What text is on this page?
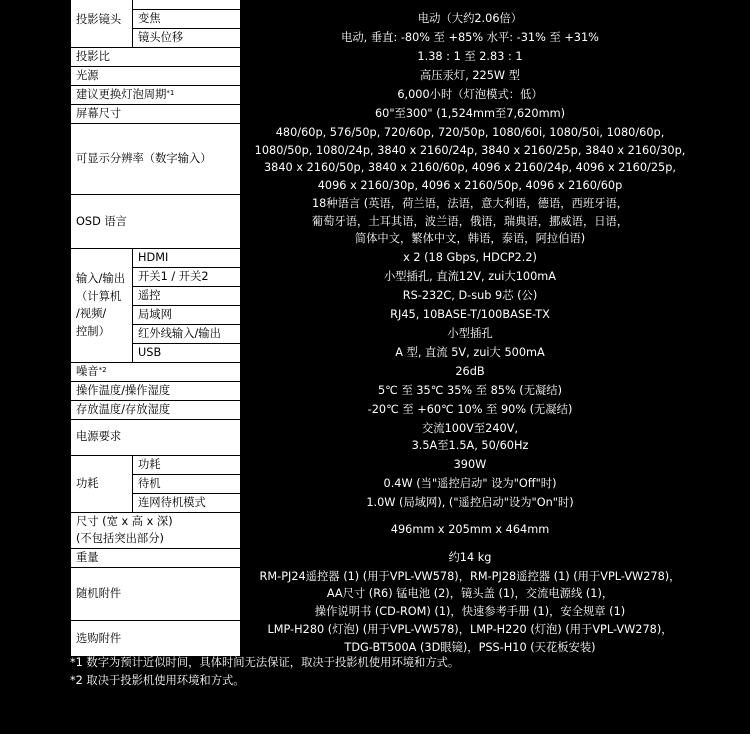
投影镜头		
	变焦	电动（大约2.06倍）
	镜头位移	电动, 垂直: -80% 至 +85% 水平: -31% 至 +31%
投影比		1.38 : 1 至 2.83 : 1
光源		高压汞灯, 225W 型
建议更换灯泡周期$^{*1}$		6,000小时（灯泡模式：低）
屏幕尺寸		60"至300" (1,524mm至7,620mm)
可显示分辨率（数字输入）		480/60p, 576/50p, 720/60p, 720/50p, 1080/60i, 1080/50i, 1080/60p,
1080/50p, 1080/24p, 3840 x 2160/24p, 3840 x 2160/25p, 3840 x 2160/30p,
3840 x 2160/50p, 3840 x 2160/60p, 4096 x 2160/24p, 4096 x 2160/25p,
4096 x 2160/30p, 4096 x 2160/50p, 4096 x 2160/60p

OSD 语言		18种语言 (英语，荷兰语，法语，意大利语，德语，西班牙语，
葡萄牙语，土耳其语，波兰语，俄语，瑞典语，挪威语，日语，
简体中文，繁体中文，韩语，泰语，阿拉伯语)

输入/输出
（计算机
/视频/
控制）	HDMI	x 2 (18 Gbps, HDCP2.2)
	开关1 / 开关2	小型插孔, 直流12V, zui大100mA
	遥控	RS-232C, D-sub 9芯 (公)
	局域网	RJ45, 10BASE-T/100BASE-TX
	红外线输入/输出	小型插孔
	USB	A 型, 直流 5V, zui大 500mA
噪音$^{*2}$		26dB
操作温度/操作湿度		5℃ 至 35℃ 35% 至 85% (无凝结)
存放温度/存放湿度		-20℃ 至 +60℃ 10% 至 90% (无凝结)
电源要求		交流100V至240V,
3.5A至1.5A, 50/60Hz

功耗	功耗	390W
	待机	0.4W (当"遥控启动" 设为"Off"时)
	连网待机模式	1.0W (局域网), ("遥控启动"设为"On"时)

尺寸 (宽 x 高 x 深)
(不包括突出部分)		496mm x 205mm x 464mm
重量		约14 kg
随机附件		RM-PJ24遥控器 (1) (用于VPL-VW578)，RM-PJ28遥控器 (1) (用于VPL-VW278)，
AA尺寸 (R6) 锰电池 (2)，镜头盖 (1)，交流电源线 (1)，
操作说明书 (CD-ROM) (1)，快速参考手册 (1)，安全规章 (1)

选购附件		LMP-H280 (灯泡) (用于VPL-VW578)，LMP-H220 (灯泡) (用于VPL-VW278)，
TDG-BT500A (3D眼镜)，PSS-H10 (天花板安装)
*1 数字为预计近似时间，具体时间无法保证，取决于投影机使用环境和方式。
*2 取决于投影机使用环境和方式。
